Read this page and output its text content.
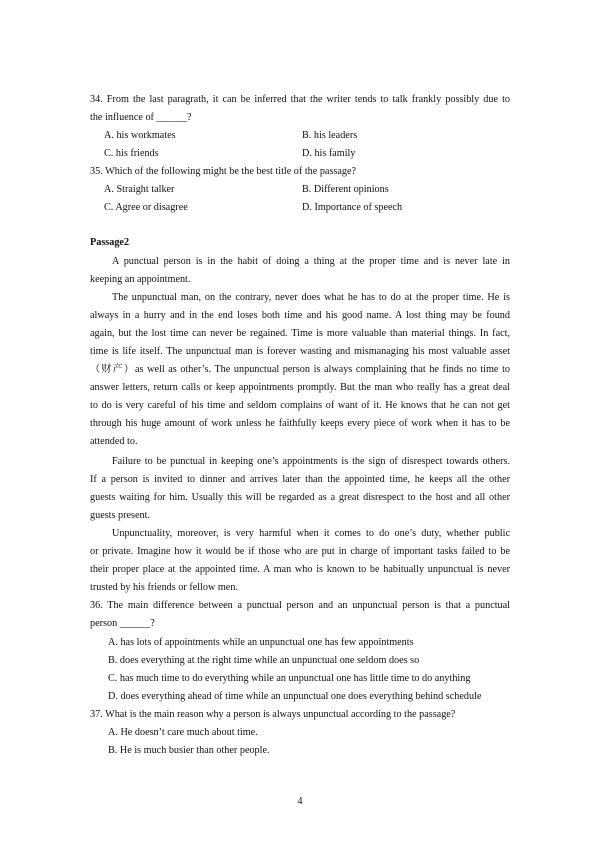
34. From the last paragrath, it can be inferred that the writer tends to talk frankly possibly due to
the influence of ______?
A. his workmates	B. his leaders
C. his friends	D. his family
35. Which of the following might be the best title of the passage?
A. Straight talker	B. Different opinions
C. Agree or disagree	D. Importance of speech
Passage2
A punctual person is in the habit of doing a thing at the proper time and is never late in
keeping an appointment.
The unpunctual man, on the contrary, never does what he has to do at the proper time. He is
always in a hurry and in the end loses both time and his good name. A lost thing may be found
again, but the lost time can never be regained. Time is more valuable than material things. In fact,
time is life itself. The unpunctual man is forever wasting and mismanaging his most valuable asset
（财产）as well as other’s. The unpunctual person is always complaining that he finds no time to
answer letters, return calls or keep appointments promptly. But the man who really has a great deal
to do is very careful of his time and seldom complains of want of it. He knows that he can not get
through his huge amount of work unless he faithfully keeps every piece of work when it has to be
attended to.
Failure to be punctual in keeping one’s appointments is the sign of disrespect towards others.
If a person is invited to dinner and arrives later than the appointed time, he keeps all the other
guests waiting for him. Usually this will be regarded as a great disrespect to the host and all other
guests present.
Unpunctuality, moreover, is very harmful when it comes to do one’s duty, whether public
or private. Imagine how it would be if those who are put in charge of important tasks failed to be
their proper place at the appointed time. A man who is known to be habitually unpunctual is never
trusted by his friends or fellow men.
36. The main difference between a punctual person and an unpunctual person is that a punctual
person ______?
A. has lots of appointments while an unpunctual one has few appointments
B. does everything at the right time while an unpunctual one seldom does so
C. has much time to do everything while an unpunctual one has little time to do anything
D. does everything ahead of time while an unpunctual one does everything behind schedule
37. What is the main reason why a person is always unpunctual according to the passage?
A. He doesn’t care much about time.
B. He is much busier than other people.
4
